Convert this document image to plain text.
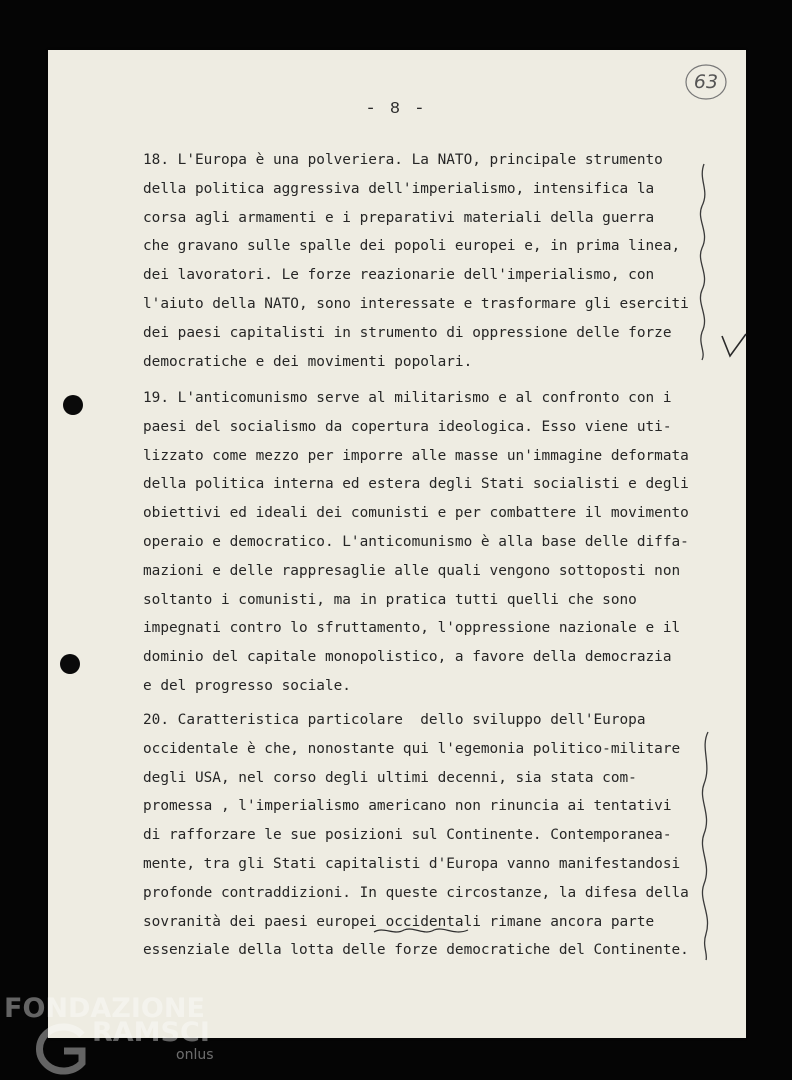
- 8 -
63
18. L'Europa è una polveriera. La NATO, principale strumento
della politica aggressiva dell'imperialismo, intensifica la
corsa agli armamenti e i preparativi materiali della guerra
che gravano sulle spalle dei popoli europei e, in prima linea,
dei lavoratori. Le forze reazionarie dell'imperialismo, con
l'aiuto della NATO, sono interessate e trasformare gli eserciti
dei paesi capitalisti in strumento di oppressione delle forze
democratiche e dei movimenti popolari.
19. L'anticomunismo serve al militarismo e al confronto con i
paesi del socialismo da copertura ideologica. Esso viene uti-
lizzato come mezzo per imporre alle masse un'immagine deformata
della politica interna ed estera degli Stati socialisti e degli
obiettivi ed ideali dei comunisti e per combattere il movimento
operaio e democratico. L'anticomunismo è alla base delle diffa-
mazioni e delle rappresaglie alle quali vengono sottoposti non
soltanto i comunisti, ma in pratica tutti quelli che sono
impegnati contro lo sfruttamento, l'oppressione nazionale e il
dominio del capitale monopolistico, a favore della democrazia
e del progresso sociale.
20. Caratteristica particolare  dello sviluppo dell'Europa
occidentale è che, nonostante qui l'egemonia politico-militare
degli USA, nel corso degli ultimi decenni, sia stata com-
promessa , l'imperialismo americano non rinuncia ai tentativi
di rafforzare le sue posizioni sul Continente. Contemporanea-
mente, tra gli Stati capitalisti d'Europa vanno manifestandosi
profonde contraddizioni. In queste circostanze, la difesa della
sovranità dei paesi europei occidentali rimane ancora parte
essenziale della lotta delle forze democratiche del Continente.
FONDAZIONE
RAMSCI
onlus
